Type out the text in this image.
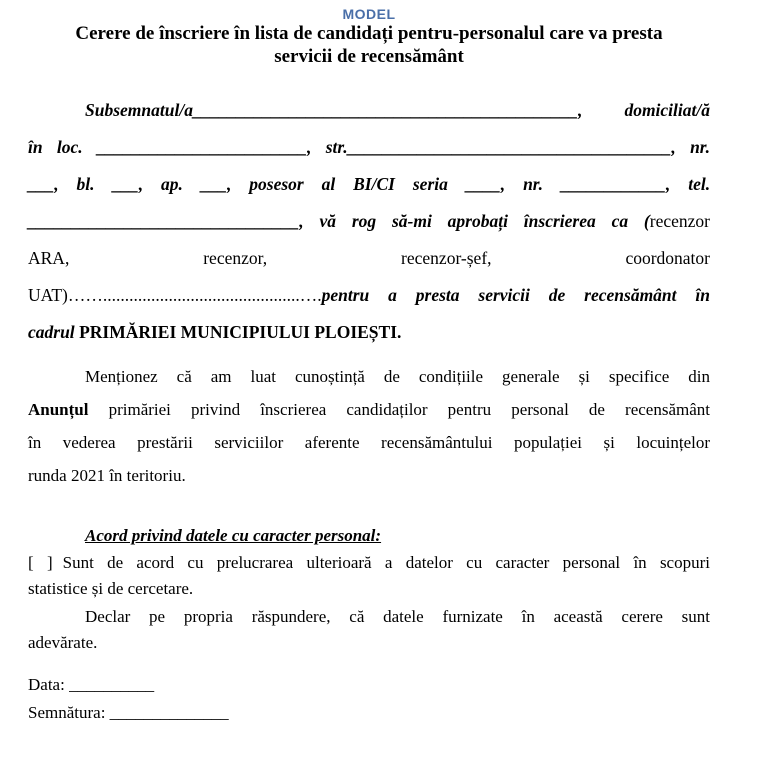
MODEL
Cerere de înscriere în lista de candidați pentru-personalul care va presta
servicii de recensământ
Subsemnatul/a____________________________________________, domiciliat/ă
în loc. ________________________, str._____________________________________, nr.
___, bl. ___, ap. ___, posesor al BI/CI seria ____, nr. ____________, tel.
_______________________________, vă rog să-mi aprobați înscrierea ca (recenzor
ARA,	recenzor,	recenzor-șef,	coordonator
UAT)…….............................................….pentru a presta servicii de recensământ în
cadrul PRIMĂRIEI MUNICIPIULUI PLOIEȘTI.
Menționez că am luat cunoștință de condițiile generale și specifice din
Anunțul primăriei privind înscrierea candidaților pentru personal de recensământ
în vederea prestării serviciilor aferente recensământului populației și locuințelor
runda 2021 în teritoriu.
Acord privind datele cu caracter personal:
[ ] Sunt de acord cu prelucrarea ulterioară a datelor cu caracter personal în scopuri
statistice și de cercetare.
Declar pe propria răspundere, că datele furnizate în această cerere sunt
adevărate.
Data: __________
Semnătura: ______________
